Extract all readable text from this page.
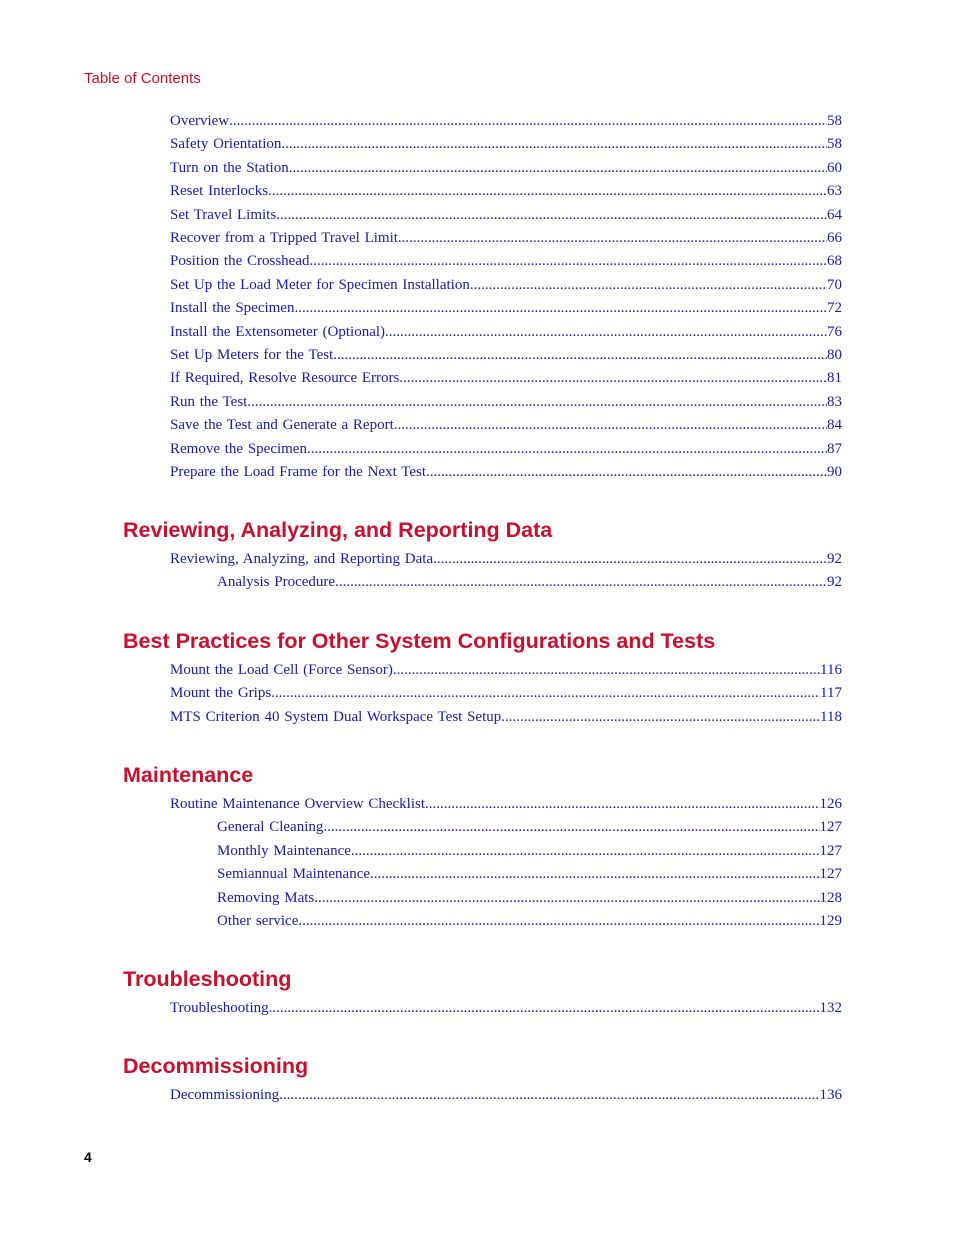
Table of Contents
Overview .....	58
Safety Orientation .....	58
Turn on the Station .....	60
Reset Interlocks .....	63
Set Travel Limits .....	64
Recover from a Tripped Travel Limit .....	66
Position the Crosshead .....	68
Set Up the Load Meter for Specimen Installation .....	70
Install the Specimen .....	72
Install the Extensometer (Optional) .....	76
Set Up Meters for the Test .....	80
If Required, Resolve Resource Errors .....	81
Run the Test .....	83
Save the Test and Generate a Report .....	84
Remove the Specimen .....	87
Prepare the Load Frame for the Next Test .....	90
Reviewing, Analyzing, and Reporting Data
Reviewing, Analyzing, and Reporting Data .....	92
Analysis Procedure .....	92
Best Practices for Other System Configurations and Tests
Mount the Load Cell (Force Sensor) .....	116
Mount the Grips .....	117
MTS Criterion 40 System Dual Workspace Test Setup .....	118
Maintenance
Routine Maintenance Overview Checklist .....	126
General Cleaning .....	127
Monthly Maintenance .....	127
Semiannual Maintenance .....	127
Removing Mats .....	128
Other service .....	129
Troubleshooting
Troubleshooting .....	132
Decommissioning
Decommissioning .....	136
4
